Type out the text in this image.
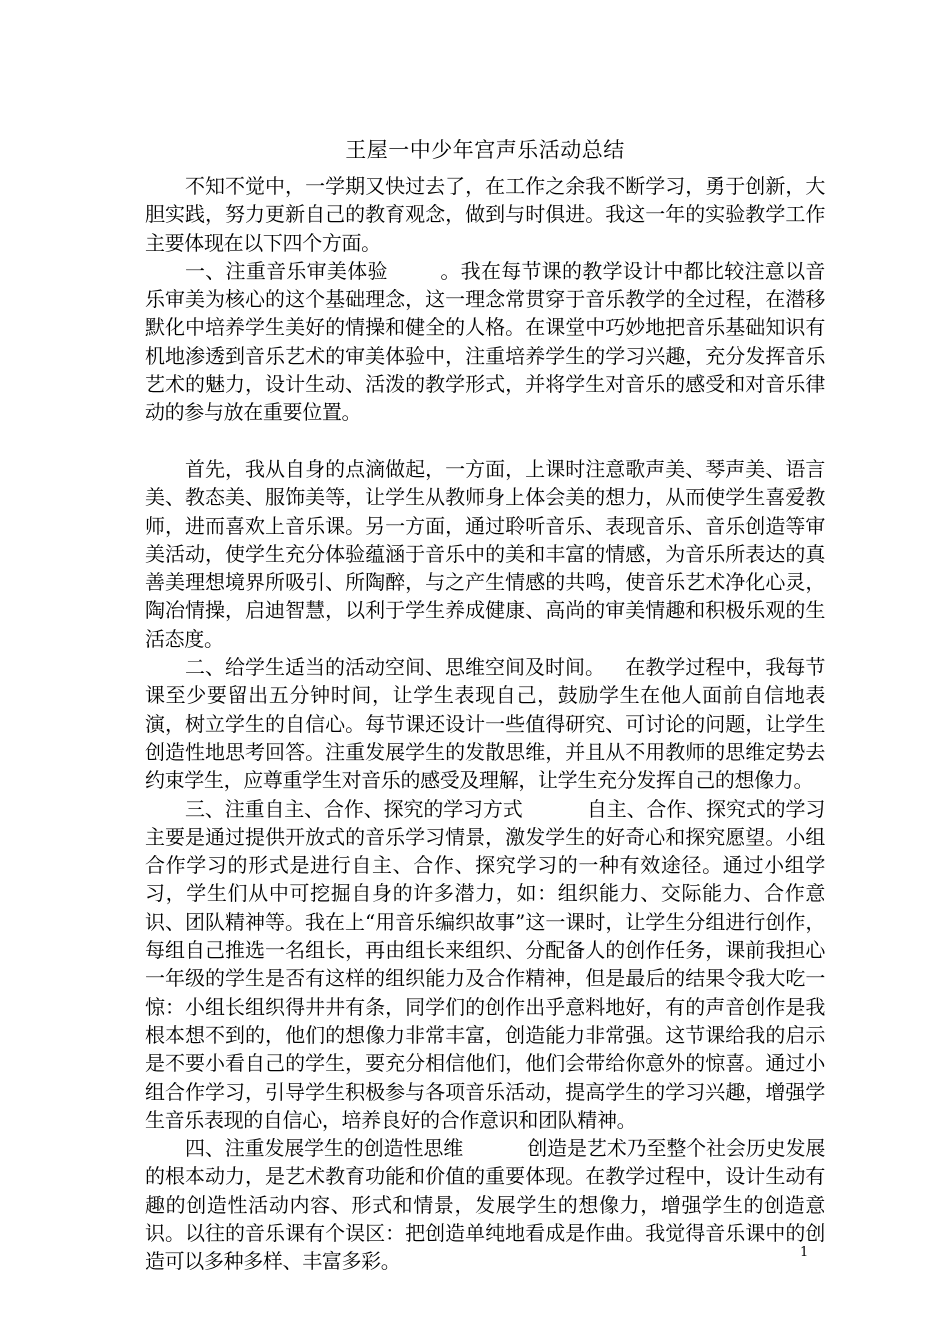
王屋一中少年宫声乐活动总结

不知不觉中，一学期又快过去了，在工作之余我不断学习，勇于创新，大胆实践，努力更新自己的教育观念，做到与时俱进。我这一年的实验教学工作主要体现在以下四个方面。

一、注重音乐审美体验	。我在每节课的教学设计中都比较注意以音乐审美为核心的这个基础理念，这一理念常贯穿于音乐教学的全过程，在潜移默化中培养学生美好的情操和健全的人格。在课堂中巧妙地把音乐基础知识有机地渗透到音乐艺术的审美体验中，注重培养学生的学习兴趣，充分发挥音乐艺术的魅力，设计生动、活泼的教学形式，并将学生对音乐的感受和对音乐律动的参与放在重要位置。

首先，我从自身的点滴做起，一方面，上课时注意歌声美、琴声美、语言美、教态美、服饰美等，让学生从教师身上体会美的想力，从而使学生喜爱教师，进而喜欢上音乐课。另一方面，通过聆听音乐、表现音乐、音乐创造等审美活动，使学生充分体验蕴涵于音乐中的美和丰富的情感，为音乐所表达的真善美理想境界所吸引、所陶醉，与之产生情感的共鸣，使音乐艺术净化心灵，陶冶情操，启迪智慧，以利于学生养成健康、高尚的审美情趣和积极乐观的生活态度。

二、给学生适当的活动空间、思维空间及时间。 在教学过程中，我每节课至少要留出五分钟时间，让学生表现自己，鼓励学生在他人面前自信地表演，树立学生的自信心。每节课还设计一些值得研究、可讨论的问题，让学生创造性地思考回答。注重发展学生的发散思维，并且从不用教师的思维定势去约束学生，应尊重学生对音乐的感受及理解，让学生充分发挥自己的想像力。

三、注重自主、合作、探究的学习方式	自主、合作、探究式的学习主要是通过提供开放式的音乐学习情景，激发学生的好奇心和探究愿望。小组合作学习的形式是进行自主、合作、探究学习的一种有效途径。通过小组学习，学生们从中可挖掘自身的许多潜力，如：组织能力、交际能力、合作意识、团队精神等。我在上“用音乐编织故事”这一课时，让学生分组进行创作，每组自己推选一名组长，再由组长来组织、分配备人的创作任务，课前我担心一年级的学生是否有这样的组织能力及合作精神，但是最后的结果令我大吃一惊：小组长组织得井井有条，同学们的创作出乎意料地好，有的声音创作是我根本想不到的，他们的想像力非常丰富，创造能力非常强。这节课给我的启示是不要小看自己的学生，要充分相信他们，他们会带给你意外的惊喜。通过小组合作学习，引导学生积极参与各项音乐活动，提高学生的学习兴趣，增强学生音乐表现的自信心，培养良好的合作意识和团队精神。

四、注重发展学生的创造性思维	创造是艺术乃至整个社会历史发展的根本动力，是艺术教育功能和价值的重要体现。在教学过程中，设计生动有趣的创造性活动内容、形式和情景，发展学生的想像力，增强学生的创造意识。以往的音乐课有个误区：把创造单纯地看成是作曲。我觉得音乐课中的创造可以多种多样、丰富多彩。	1
